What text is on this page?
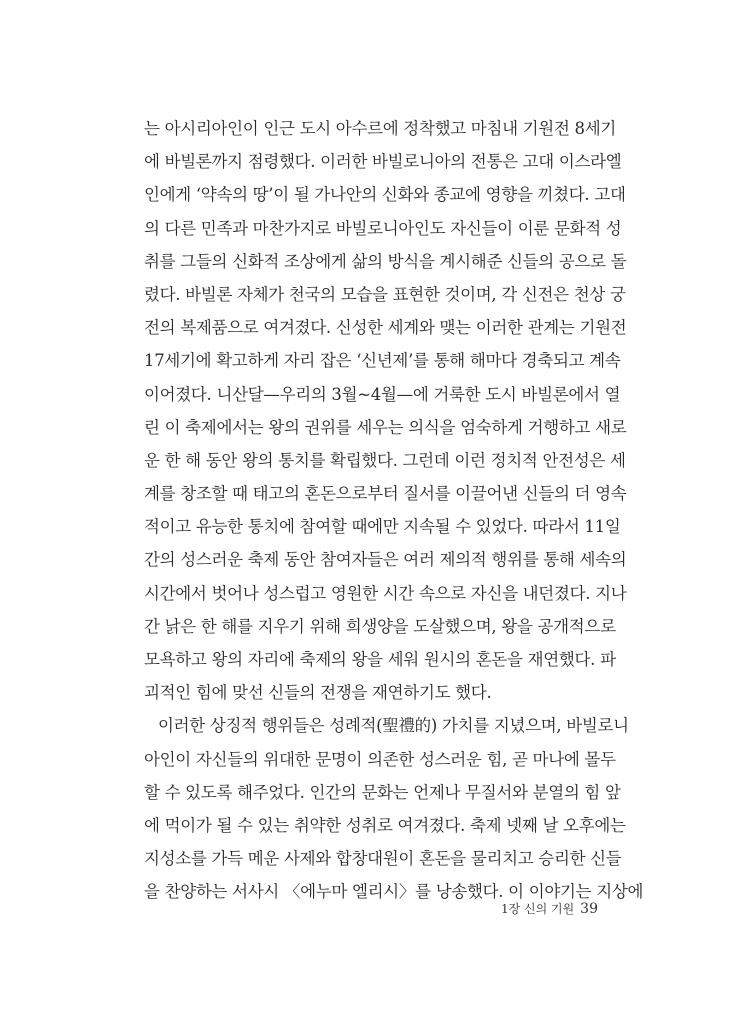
는 아시리아인이 인근 도시 아수르에 정착했고 마침내 기원전 8세기
에 바빌론까지 점령했다. 이러한 바빌로니아의 전통은 고대 이스라엘
인에게 ‘약속의 땅’이 될 가나안의 신화와 종교에 영향을 끼쳤다. 고대
의 다른 민족과 마찬가지로 바빌로니아인도 자신들이 이룬 문화적 성
취를 그들의 신화적 조상에게 삶의 방식을 계시해준 신들의 공으로 돌
렸다. 바빌론 자체가 천국의 모습을 표현한 것이며, 각 신전은 천상 궁
전의 복제품으로 여겨졌다. 신성한 세계와 맺는 이러한 관계는 기원전
17세기에 확고하게 자리 잡은 ‘신년제’를 통해 해마다 경축되고 계속
이어졌다. 니산달—우리의 3월~4월—에 거룩한 도시 바빌론에서 열
린 이 축제에서는 왕의 권위를 세우는 의식을 엄숙하게 거행하고 새로
운 한 해 동안 왕의 통치를 확립했다. 그런데 이런 정치적 안전성은 세
계를 창조할 때 태고의 혼돈으로부터 질서를 이끌어낸 신들의 더 영속
적이고 유능한 통치에 참여할 때에만 지속될 수 있었다. 따라서 11일
간의 성스러운 축제 동안 참여자들은 여러 제의적 행위를 통해 세속의
시간에서 벗어나 성스럽고 영원한 시간 속으로 자신을 내던졌다. 지나
간 낡은 한 해를 지우기 위해 희생양을 도살했으며, 왕을 공개적으로
모욕하고 왕의 자리에 축제의 왕을 세워 원시의 혼돈을 재연했다. 파
괴적인 힘에 맞선 신들의 전쟁을 재연하기도 했다.
이러한 상징적 행위들은 성례적(聖禮的) 가치를 지녔으며, 바빌로니
아인이 자신들의 위대한 문명이 의존한 성스러운 힘, 곧 마나에 몰두
할 수 있도록 해주었다. 인간의 문화는 언제나 무질서와 분열의 힘 앞
에 먹이가 될 수 있는 취약한 성취로 여겨졌다. 축제 넷째 날 오후에는
지성소를 가득 메운 사제와 합창대원이 혼돈을 물리치고 승리한 신들
을 찬양하는 서사시 〈에누마 엘리시〉를 낭송했다. 이 이야기는 지상에
1장 신의 기원 39
